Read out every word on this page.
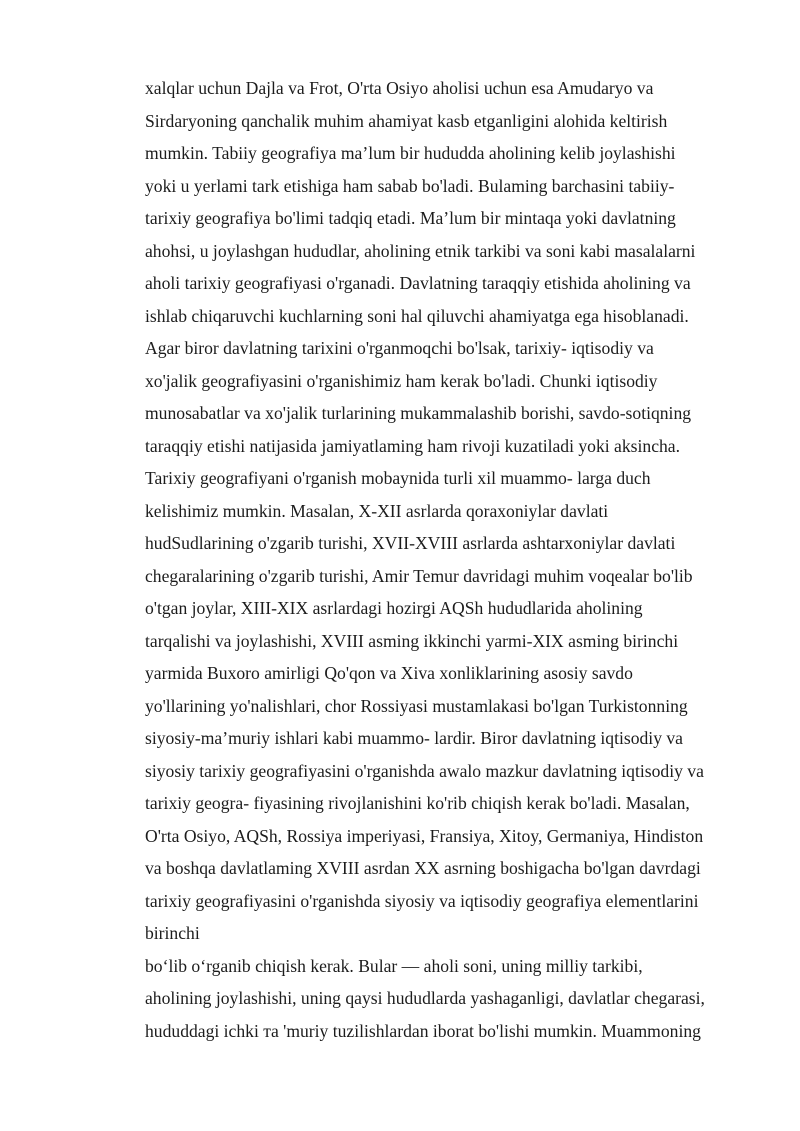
xalqlar uchun Dajla va Frot, O'rta Osiyo aholisi uchun esa Amudaryo va
Sirdaryoning qanchalik muhim ahamiyat kasb etganligini alohida keltirish
mumkin. Tabiiy geografiya ma’lum bir hududda aholining kelib joylashishi
yoki u yerlami tark etishiga ham sabab bo'ladi. Bulaming barchasini tabiiy-
tarixiy geografiya bo'limi tadqiq etadi. Ma’lum bir mintaqa yoki davlatning
ahohsi, u joylashgan hududlar, aholining etnik tarkibi va soni kabi masalalarni
aholi tarixiy geografiyasi o'rganadi. Davlatning taraqqiy etishida aholining va
ishlab chiqaruvchi kuchlarning soni hal qiluvchi ahamiyatga ega hisoblanadi.
Agar biror davlatning tarixini o'rganmoqchi bo'lsak, tarixiy- iqtisodiy va
xo'jalik geografiyasini o'rganishimiz ham kerak bo'ladi. Chunki iqtisodiy
munosabatlar va xo'jalik turlarining mukammalashib borishi, savdo-sotiqning
taraqqiy etishi natijasida jamiyatlaming ham rivoji kuzatiladi yoki aksincha.
Tarixiy geografiyani o'rganish mobaynida turli xil muammo- larga duch
kelishimiz mumkin. Masalan, X-XII asrlarda qoraxoniylar davlati
hudSudlarining o'zgarib turishi, XVII-XVIII asrlarda ashtarxoniylar davlati
chegaralarining o'zgarib turishi, Amir Temur davridagi muhim voqealar bo'lib
o'tgan joylar, XIII-XIX asrlardagi hozirgi AQSh hududlarida aholining
tarqalishi va joylashishi, XVIII asming ikkinchi yarmi-XIX asming birinchi
yarmida Buxoro amirligi Qo'qon va Xiva xonliklarining asosiy savdo
yo'llarining yo'nalishlari, chor Rossiyasi mustamlakasi bo'lgan Turkistonning
siyosiy-ma’muriy ishlari kabi muammo- lardir. Biror davlatning iqtisodiy va
siyosiy tarixiy geografiyasini o'rganishda awalo mazkur davlatning iqtisodiy va
tarixiy geogra- fiyasining rivojlanishini ko'rib chiqish kerak bo'ladi. Masalan,
O'rta Osiyo, AQSh, Rossiya imperiyasi, Fransiya, Xitoy, Germaniya, Hindiston
va boshqa davlatlaming XVIII asrdan XX asrning boshigacha bo'lgan davrdagi
tarixiy geografiyasini o'rganishda siyosiy va iqtisodiy geografiya elementlarini
birinchi
bo‘lib o‘rganib chiqish kerak. Bular — aholi soni, uning milliy tarkibi,
aholining joylashishi, uning qaysi hududlarda yashaganligi, davlatlar chegarasi,
hududdagi ichki тa 'muriy tuzilishlardan iborat bo'lishi mumkin. Muammoning
